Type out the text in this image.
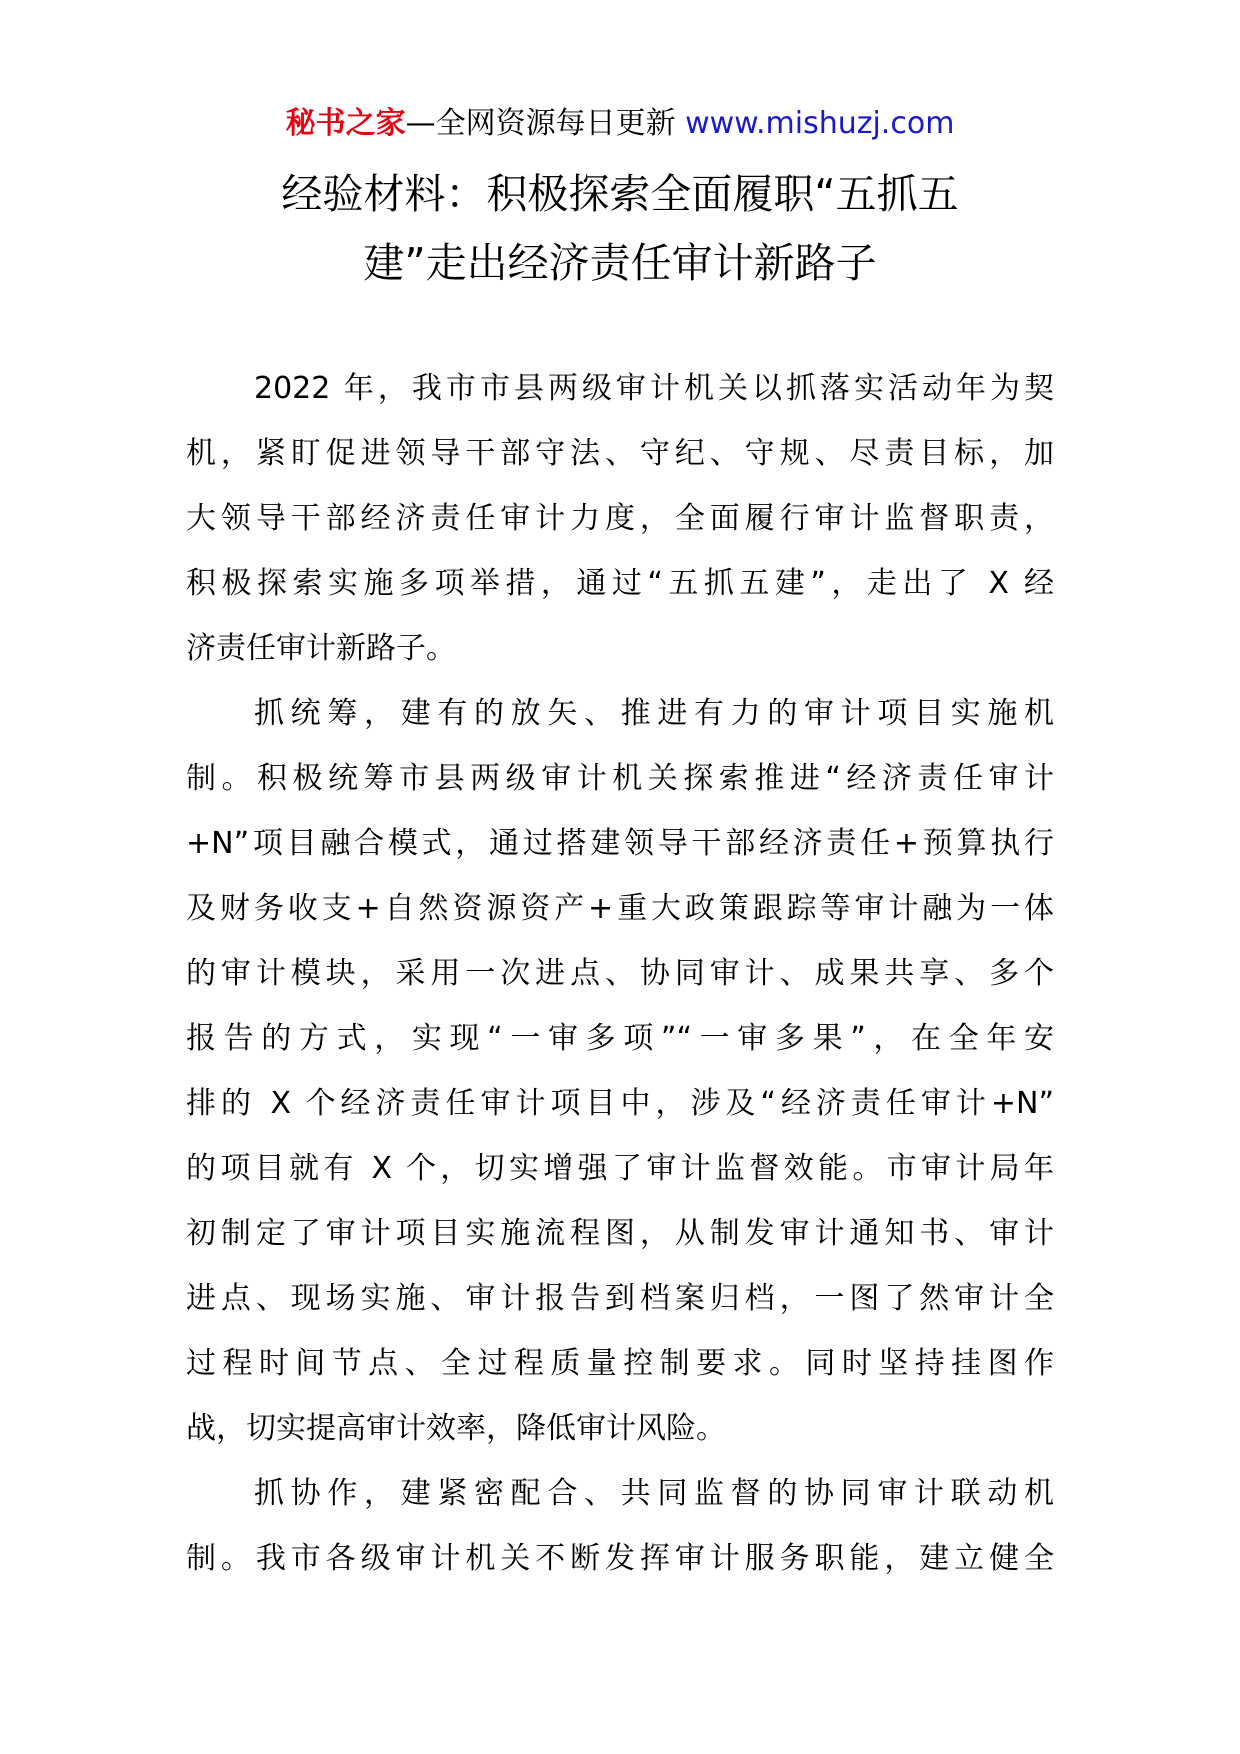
秘书之家—全网资源每日更新 www.mishuzj.com
经验材料：积极探索全面履职“五抓五
建”走出经济责任审计新路子

2022 年，我市市县两级审计机关以抓落实活动年为契
机，紧盯促进领导干部守法、守纪、守规、尽责目标，加
大领导干部经济责任审计力度，全面履行审计监督职责，
积极探索实施多项举措，通过“五抓五建”，走出了 X 经
济责任审计新路子。

抓统筹，建有的放矢、推进有力的审计项目实施机
制。积极统筹市县两级审计机关探索推进“经济责任审计
+N”项目融合模式，通过搭建领导干部经济责任+预算执行
及财务收支+自然资源资产+重大政策跟踪等审计融为一体
的审计模块，采用一次进点、协同审计、成果共享、多个
报告的方式，实现“一审多项”“一审多果”，在全年安
排的 X 个经济责任审计项目中，涉及“经济责任审计+N”
的项目就有 X 个，切实增强了审计监督效能。市审计局年
初制定了审计项目实施流程图，从制发审计通知书、审计
进点、现场实施、审计报告到档案归档，一图了然审计全
过程时间节点、全过程质量控制要求。同时坚持挂图作
战，切实提高审计效率，降低审计风险。

抓协作，建紧密配合、共同监督的协同审计联动机
制。我市各级审计机关不断发挥审计服务职能，建立健全
